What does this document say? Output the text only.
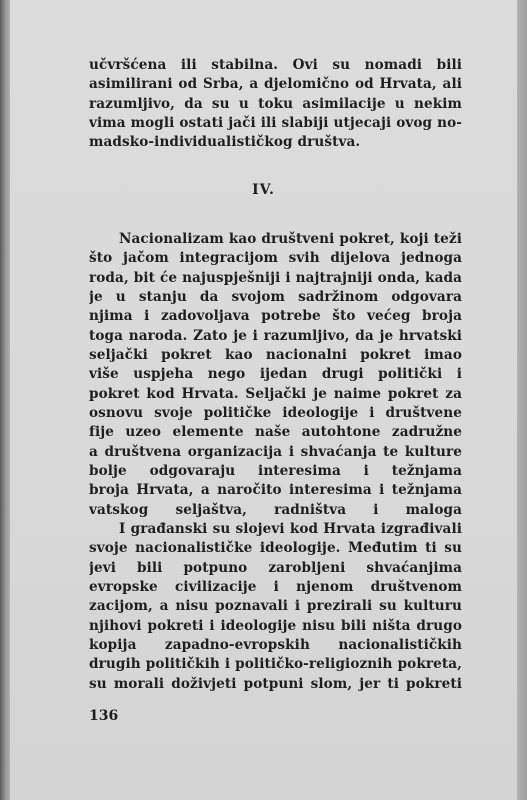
učvršćena ili stabilna. Ovi su nomadi bili
asimilirani od Srba, a djelomično od Hrvata, ali
razumljivo, da su u toku asimilacije u nekim
vima mogli ostati jači ili slabiji utjecaji ovog no-
madsko-individualističkog društva.
IV.
Nacionalizam kao društveni pokret, koji teži
što jačom integracijom svih dijelova jednoga
roda, bit će najuspješniji i najtrajniji onda, kada
je u stanju da svojom sadržinom odgovara
njima i zadovoljava potrebe što većeg broja
toga naroda. Zato je i razumljivo, da je hrvatski
seljački pokret kao nacionalni pokret imao
više uspjeha nego ijedan drugi politički i
pokret kod Hrvata. Seljački je naime pokret za
osnovu svoje političke ideologije i društvene
fije uzeo elemente naše autohtone zadružne
a društvena organizacija i shvaćanja te kulture
bolje odgovaraju interesima i težnjama
broja Hrvata, a naročito interesima i težnjama
vatskog seljaštva, radništva i maloga
I građanski su slojevi kod Hrvata izgrađivali
svoje nacionalističke ideologije. Međutim ti su
jevi bili potpuno zarobljeni shvaćanjima
evropske civilizacije i njenom društvenom
zacijom, a nisu poznavali i prezirali su kulturu
njihovi pokreti i ideologije nisu bili ništa drugo
kopija zapadno-evropskih nacionalističkih
drugih političkih i političko-religioznih pokreta,
su morali doživjeti potpuni slom, jer ti pokreti
136
